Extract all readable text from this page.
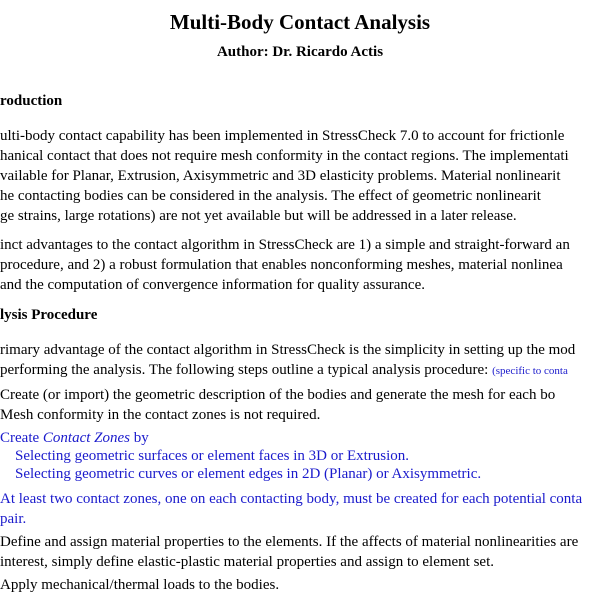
Multi-Body Contact Analysis
Author: Dr. Ricardo Actis
roduction
ulti-body contact capability has been implemented in StressCheck 7.0 to account for frictionle
hanical contact that does not require mesh conformity in the contact regions. The implementati
vailable for Planar, Extrusion, Axisymmetric and 3D elasticity problems. Material nonlinearit
he contacting bodies can be considered in the analysis. The effect of geometric nonlinearit
ge strains, large rotations) are not yet available but will be addressed in a later release.
inct advantages to the contact algorithm in StressCheck are 1) a simple and straight-forward an
procedure, and 2) a robust formulation that enables nonconforming meshes, material nonlinea
and the computation of convergence information for quality assurance.
lysis Procedure
rimary advantage of the contact algorithm in StressCheck is the simplicity in setting up the mod
performing the analysis. The following steps outline a typical analysis procedure: (specific to conta
Create (or import) the geometric description of the bodies and generate the mesh for each bo
Mesh conformity in the contact zones is not required.
Create Contact Zones by
Selecting geometric surfaces or element faces in 3D or Extrusion.
Selecting geometric curves or element edges in 2D (Planar) or Axisymmetric.
At least two contact zones, one on each contacting body, must be created for each potential conta
pair.
Define and assign material properties to the elements. If the affects of material nonlinearities are
interest, simply define elastic-plastic material properties and assign to element set.
Apply mechanical/thermal loads to the bodies.
